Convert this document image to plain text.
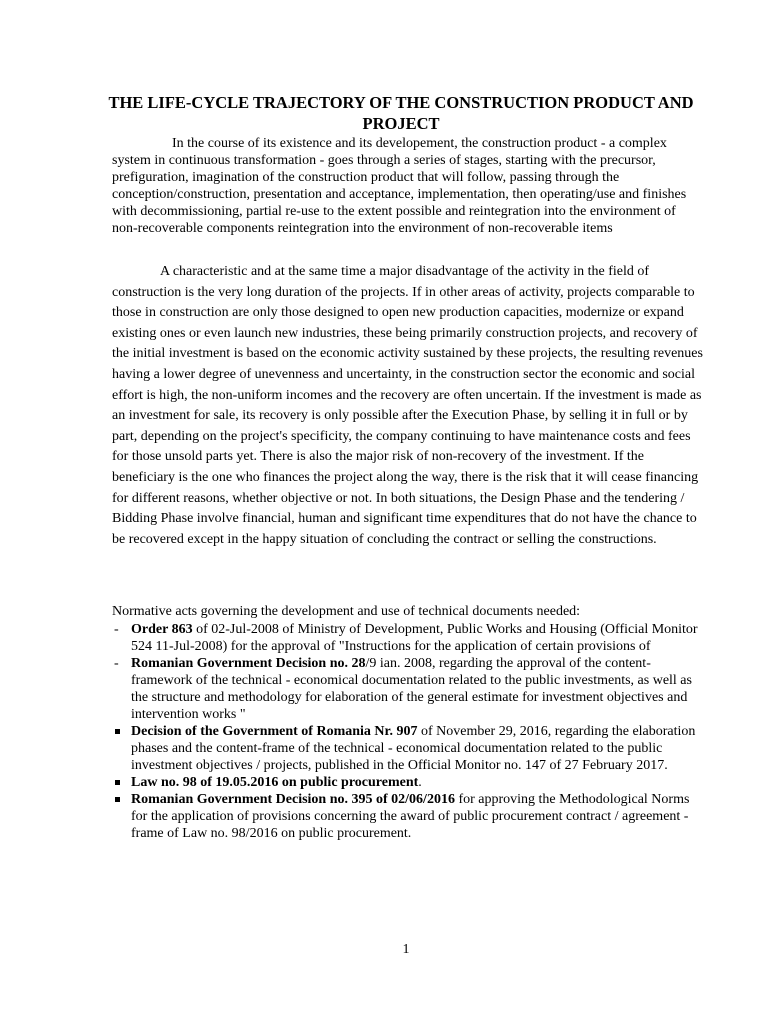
THE LIFE-CYCLE TRAJECTORY OF THE CONSTRUCTION PRODUCT AND PROJECT

In the course of its existence and its developement, the construction product - a complex system in continuous transformation - goes through a series of stages, starting with the precursor, prefiguration, imagination of the construction product that will follow, passing through the conception/construction, presentation and acceptance, implementation, then operating/use and finishes with decommissioning, partial re-use to the extent possible and reintegration into the environment of non-recoverable components reintegration into the environment of non-recoverable items

A characteristic and at the same time a major disadvantage of the activity in the field of construction is the very long duration of the projects. If in other areas of activity, projects comparable to those in construction are only those designed to open new production capacities, modernize or expand existing ones or even launch new industries, these being primarily construction projects, and recovery of the initial investment is based on the economic activity sustained by these projects, the resulting revenues having a lower degree of unevenness and uncertainty, in the construction sector the economic and social effort is high, the non-uniform incomes and the recovery are often uncertain. If the investment is made as an investment for sale, its recovery is only possible after the Execution Phase, by selling it in full or by part, depending on the project's specificity, the company continuing to have maintenance costs and fees for those unsold parts yet. There is also the major risk of non-recovery of the investment. If the beneficiary is the one who finances the project along the way, there is the risk that it will cease financing for different reasons, whether objective or not. In both situations, the Design Phase and the tendering / Bidding Phase involve financial, human and significant time expenditures that do not have the chance to be recovered except in the happy situation of concluding the contract or selling the constructions.

Normative acts governing the development and use of technical documents needed:

- Order 863 of 02-Jul-2008 of Ministry of Development, Public Works and Housing (Official Monitor 524 11-Jul-2008) for the approval of "Instructions for the application of certain provisions of
- Romanian Government Decision no. 28/9 ian. 2008, regarding the approval of the content-framework of the technical - economical documentation related to the public investments, as well as the structure and methodology for elaboration of the general estimate for investment objectives and intervention works "
Decision of the Government of Romania Nr. 907 of November 29, 2016, regarding the elaboration phases and the content-frame of the technical - economical documentation related to the public investment objectives / projects, published in the Official Monitor no. 147 of 27 February 2017.
Law no. 98 of 19.05.2016 on public procurement.
Romanian Government Decision no. 395 of 02/06/2016 for approving the Methodological Norms for the application of provisions concerning the award of public procurement contract / agreement - frame of Law no. 98/2016 on public procurement.
1
